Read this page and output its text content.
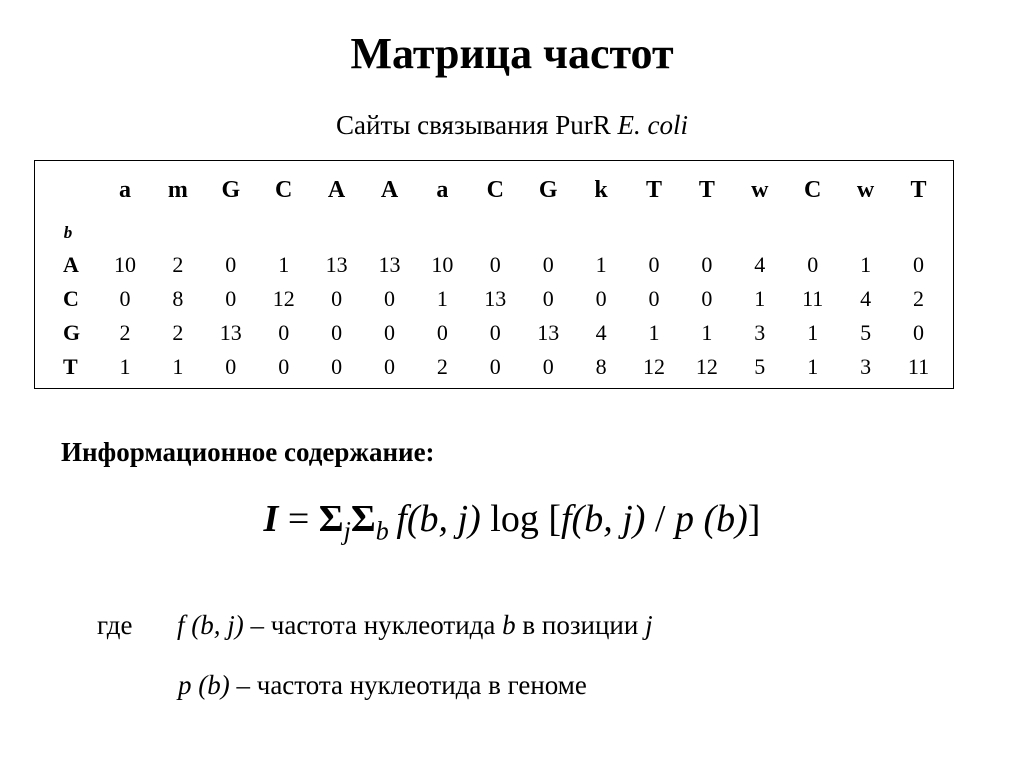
Матрица частот
Сайты связывания PurR E. coli
b
a m G C A A a C G k T T w C w T
A 10 2 0 1 13 13 10 0 0 1 0 0 4 0 1 0
C 0 8 0 12 0 0 1 13 0 0 0 0 1 11 4 2
G 2 2 13 0 0 0 0 0 13 4 1 1 3 1 5 0
T 1 1 0 0 0 0 2 0 0 8 12 12 5 1 3 11
Информационное содержание:
$I = \Sigma_j\Sigma_b$  f(b, j) log [f(b, j) / p (b)]
где f (b, j) – частота нуклеотида b в позиции j
p (b) – частота нуклеотида в геноме
